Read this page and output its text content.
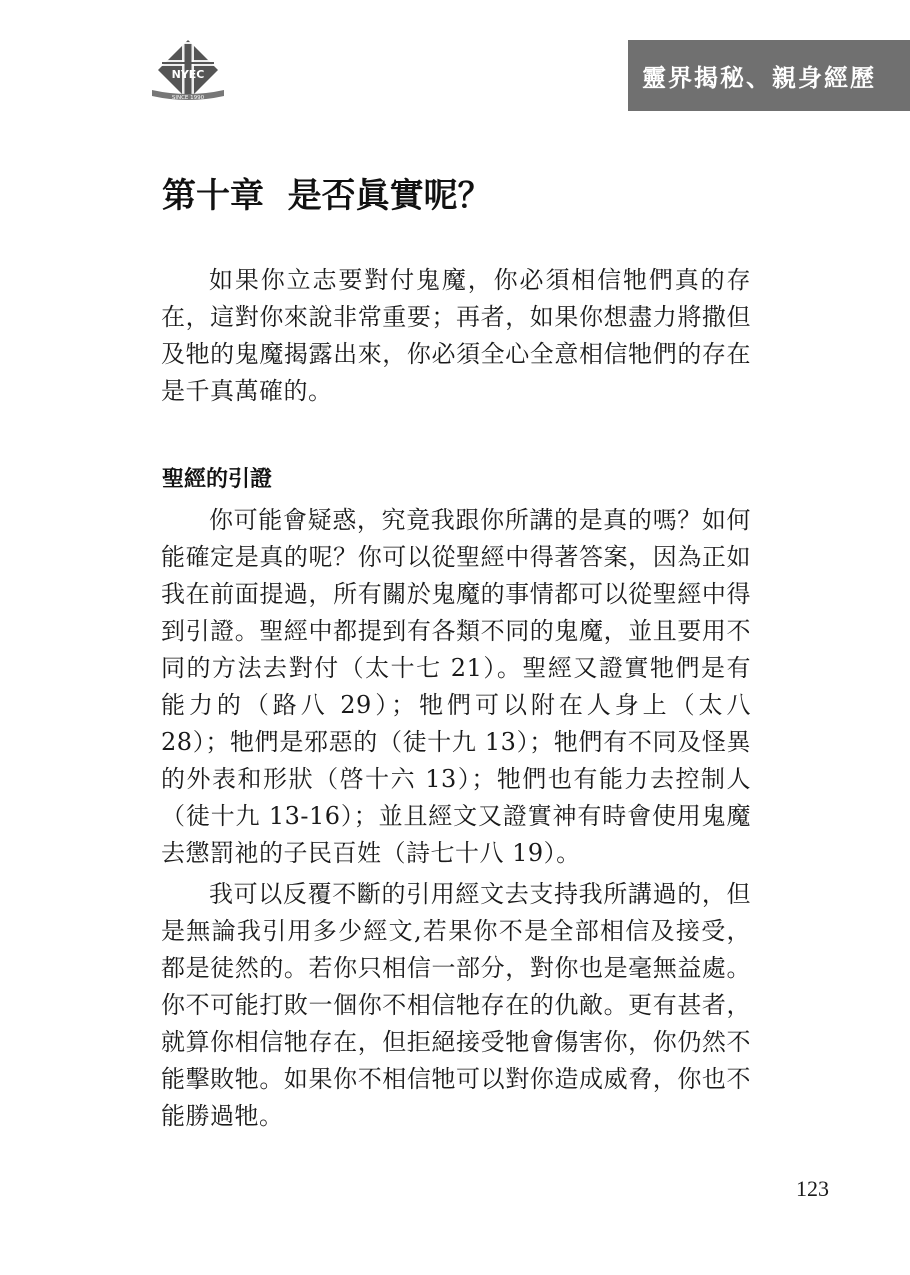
NYEC
SINCE 1990
靈界揭秘、親身經歷
第十章  是否眞實呢？

如果你立志要對付鬼魔，你必須相信牠們真的存在，這對你來說非常重要；再者，如果你想盡力將撒但及牠的鬼魔揭露出來，你必須全心全意相信牠們的存在是千真萬確的。

聖經的引證

你可能會疑惑，究竟我跟你所講的是真的嗎？如何能確定是真的呢？你可以從聖經中得著答案，因為正如我在前面提過，所有關於鬼魔的事情都可以從聖經中得到引證。聖經中都提到有各類不同的鬼魔，並且要用不同的方法去對付（太十七 21）。聖經又證實牠們是有能力的（路八 29）；牠們可以附在人身上（太八 28）；牠們是邪惡的（徒十九 13）；牠們有不同及怪異的外表和形狀（啓十六 13）；牠們也有能力去控制人（徒十九 13-16）；並且經文又證實神有時會使用鬼魔去懲罰祂的子民百姓（詩七十八 19）。

我可以反覆不斷的引用經文去支持我所講過的，但是無論我引用多少經文,若果你不是全部相信及接受，都是徒然的。若你只相信一部分，對你也是毫無益處。你不可能打敗一個你不相信牠存在的仇敵。更有甚者，就算你相信牠存在，但拒絕接受牠會傷害你，你仍然不能擊敗牠。如果你不相信牠可以對你造成威脅，你也不能勝過牠。

123
